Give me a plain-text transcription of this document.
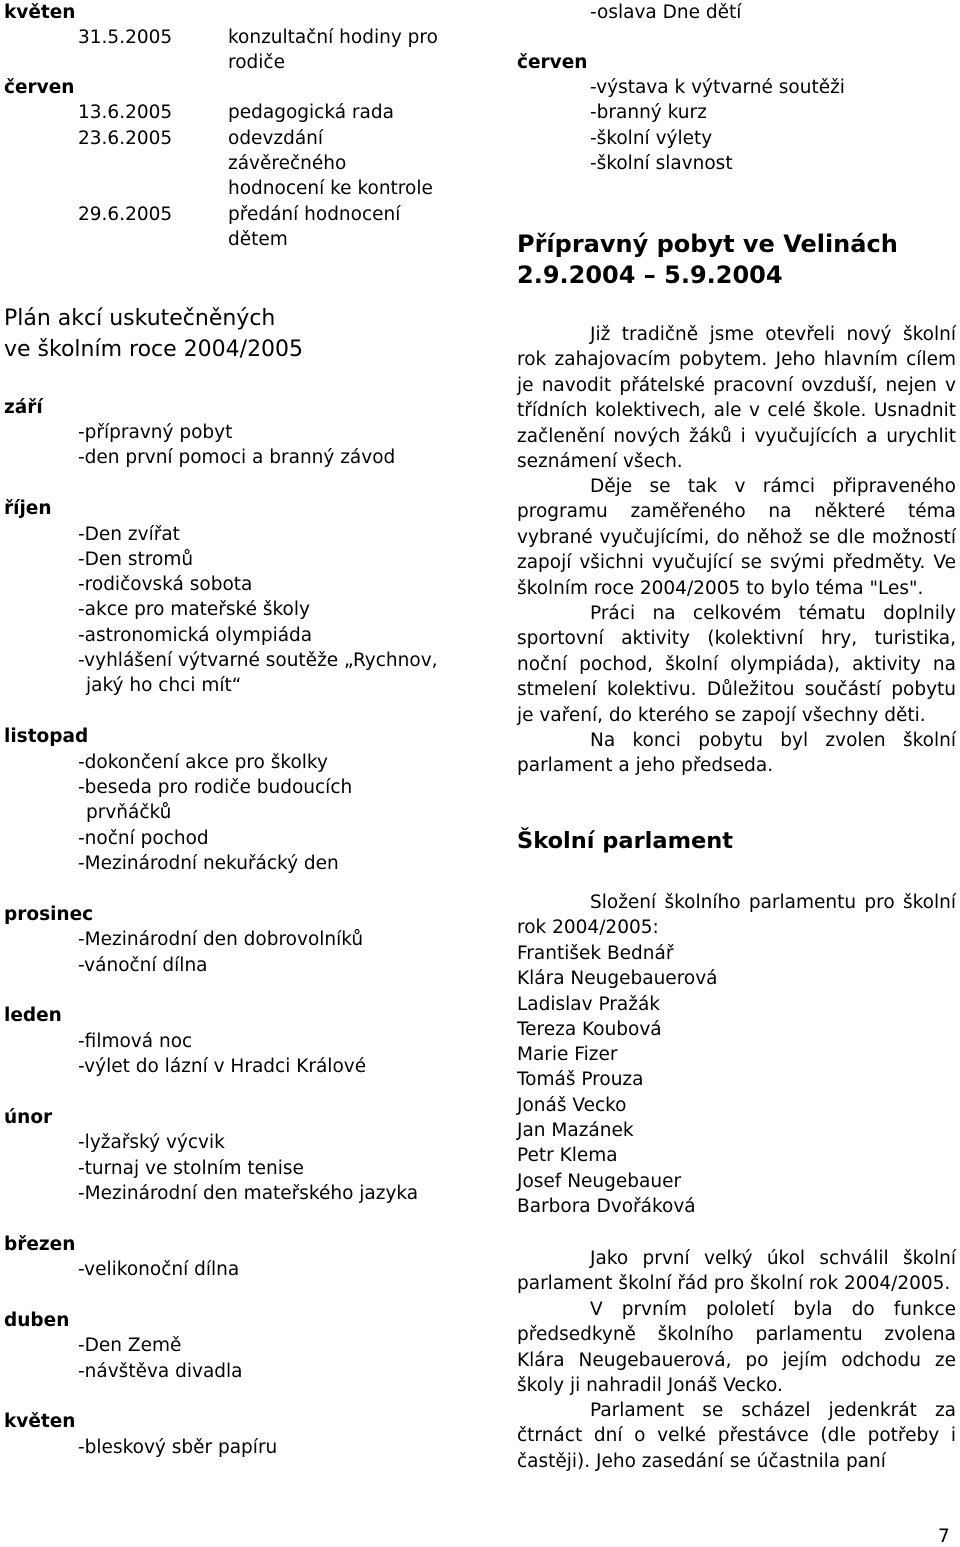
květen
31.5.2005	konzultační hodiny pro
rodiče
červen
13.6.2005	pedagogická rada
23.6.2005	odevzdání
závěrečného
hodnocení ke kontrole
29.6.2005	předání hodnocení
dětem
Plán akcí uskutečněných
ve školním roce 2004/2005
září
-přípravný pobyt
-den první pomoci a branný závod
říjen
-Den zvířat
-Den stromů
-rodičovská sobota
-akce pro mateřské školy
-astronomická olympiáda
-vyhlášení výtvarné soutěže „Rychnov,
jaký ho chci mít“
listopad
-dokončení akce pro školky
-beseda pro rodiče budoucích
prvňáčků
-noční pochod
-Mezinárodní nekuřácký den
prosinec
-Mezinárodní den dobrovolníků
-vánoční dílna
leden
-filmová noc
-výlet do lázní v Hradci Králové
únor
-lyžařský výcvik
-turnaj ve stolním tenise
-Mezinárodní den mateřského jazyka
březen
-velikonoční dílna
duben
-Den Země
-návštěva divadla
květen
-bleskový sběr papíru
-oslava Dne dětí
červen
-výstava k výtvarné soutěži
-branný kurz
-školní výlety
-školní slavnost
Přípravný pobyt ve Velinách
2.9.2004 – 5.9.2004
Již tradičně jsme otevřeli nový školní rok zahajovacím pobytem. Jeho hlavním cílem je navodit přátelské pracovní ovzduší, nejen v třídních kolektivech, ale v celé škole. Usnadnit začlenění nových žáků i vyučujících a urychlit seznámení všech.
Děje se tak v rámci připraveného programu zaměřeného na některé téma vybrané vyučujícími, do něhož se dle možností zapojí všichni vyučující se svými předměty. Ve školním roce 2004/2005 to bylo téma "Les".
Práci na celkovém tématu doplnily sportovní aktivity (kolektivní hry, turistika, noční pochod, školní olympiáda), aktivity na stmelení kolektivu. Důležitou součástí pobytu je vaření, do kterého se zapojí všechny děti.
Na konci pobytu byl zvolen školní parlament a jeho předseda.
Školní parlament
Složení školního parlamentu pro školní rok 2004/2005:
František Bednář
Klára Neugebauerová
Ladislav Pražák
Tereza Koubová
Marie Fizer
Tomáš Prouza
Jonáš Vecko
Jan Mazánek
Petr Klema
Josef Neugebauer
Barbora Dvořáková
Jako první velký úkol schválil školní parlament školní řád pro školní rok 2004/2005.
V prvním pololetí byla do funkce předsedkyně školního parlamentu zvolena Klára Neugebauerová, po jejím odchodu ze školy ji nahradil Jonáš Vecko.
Parlament se scházel jedenkrát za čtrnáct dní o velké přestávce (dle potřeby i častěji). Jeho zasedání se účastnila paní
7
